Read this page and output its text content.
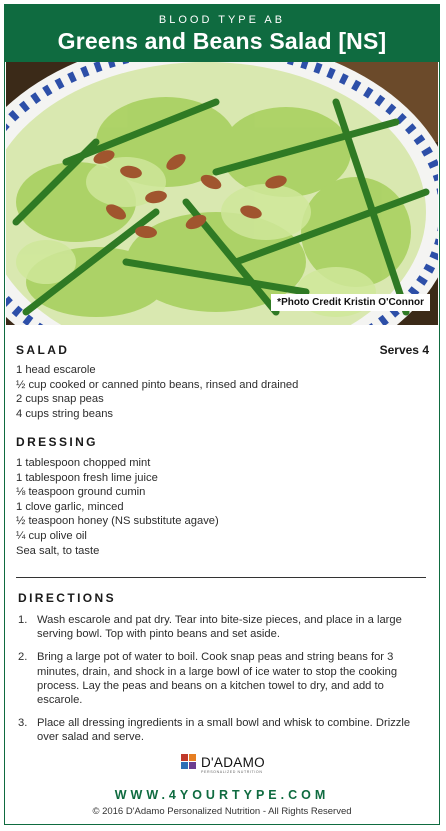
BLOOD TYPE AB
Greens and Beans Salad [NS]
*Photo Credit Kristin O'Connor
SALAD	Serves 4
1 head escarole
½ cup cooked or canned pinto beans, rinsed and drained
2 cups snap peas
4 cups string beans
DRESSING
1 tablespoon chopped mint
1 tablespoon fresh lime juice
⅛ teaspoon ground cumin
1 clove garlic, minced
½ teaspoon honey (NS substitute agave)
¼ cup olive oil
Sea salt, to taste
DIRECTIONS
1. Wash escarole and pat dry. Tear into bite-size pieces, and place in a large serving bowl. Top with pinto beans and set aside.
2. Bring a large pot of water to boil. Cook snap peas and string beans for 3 minutes, drain, and shock in a large bowl of ice water to stop the cooking process. Lay the peas and beans on a kitchen towel to dry, and add to escarole.
3. Place all dressing ingredients in a small bowl and whisk to combine. Drizzle over salad and serve.
D'ADAMO
PERSONALIZED NUTRITION
WWW.4YOURTYPE.COM
© 2016 D'Adamo Personalized Nutrition - All Rights Reserved
